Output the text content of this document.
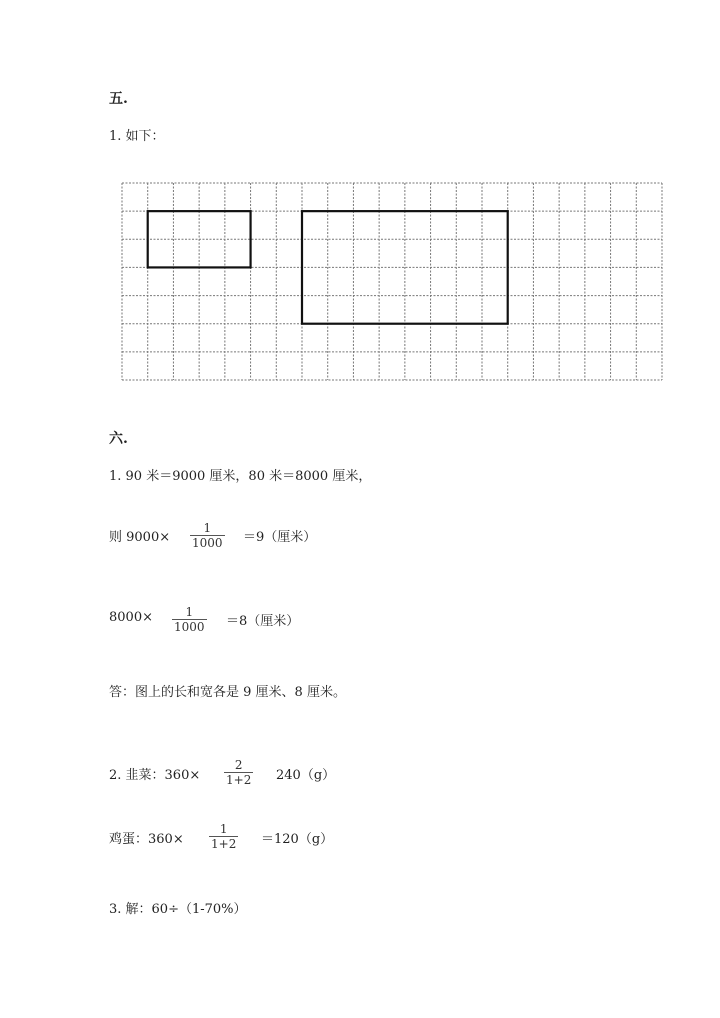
五.
1. 如下：
六.
1. 90 米＝9000 厘米，80 米＝8000 厘米，
则 $9000\times \frac{1}{1000} =9$（厘米）
$8000\times \frac{1}{1000} =8$（厘米）
答：图上的长和宽各是 9 厘米、8 厘米。
2. 韭菜：$360\times \frac{2}{1+2} 240(g)$
鸡蛋：$360\times \frac{1}{1+2} =120(g)$
3. 解：60÷（1-70%）
